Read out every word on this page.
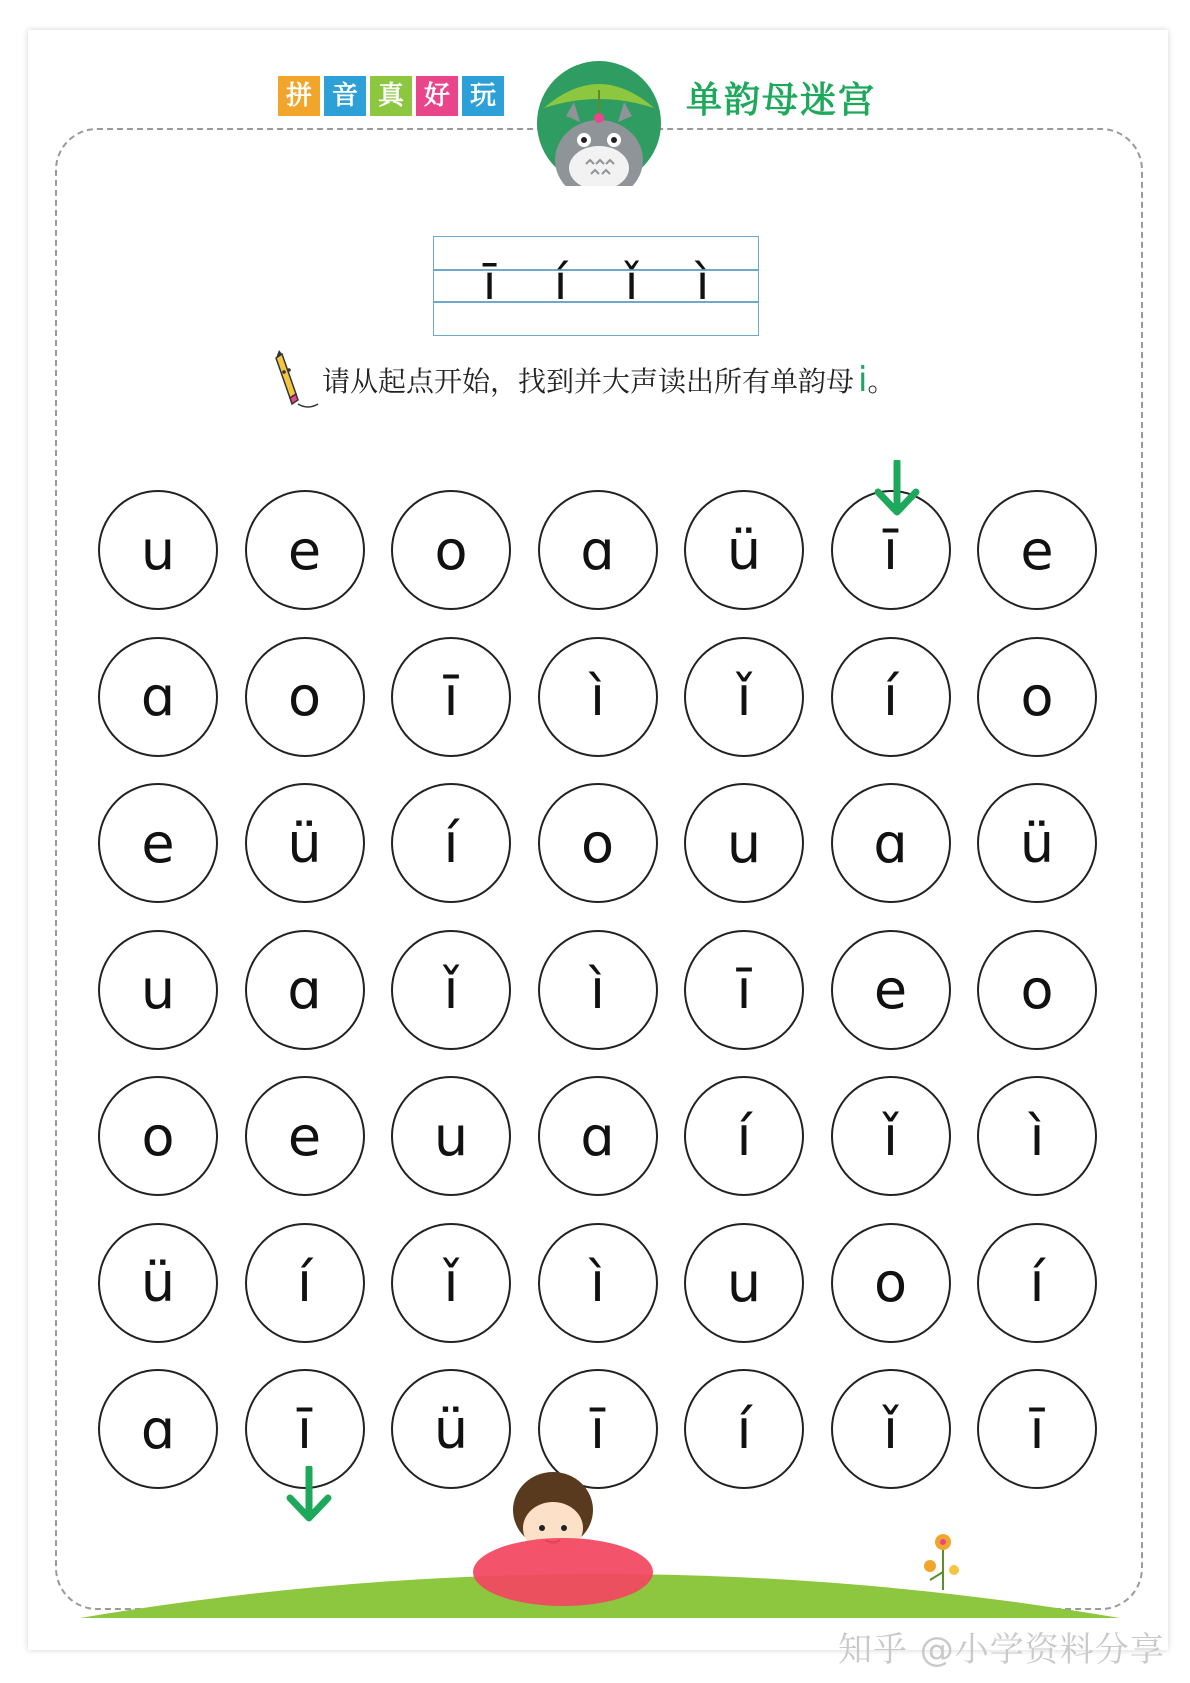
拼 音 真 好 玩	单韵母迷宫
ī í ǐ ì
请从起点开始，找到并大声读出所有单韵母 i。
u	e	o	ɑ	ü	ī	e
ɑ	o	ī	ì	ǐ	í	o
e	ü	í	o	u	ɑ	ü
u	ɑ	ǐ	ì	ī	e	o
o	e	u	ɑ	í	ǐ	ì
ü	í	ǐ	ì	u	o	í
ɑ	ī	ü	ī	í	ǐ	ī
知乎 @小学资料分享
